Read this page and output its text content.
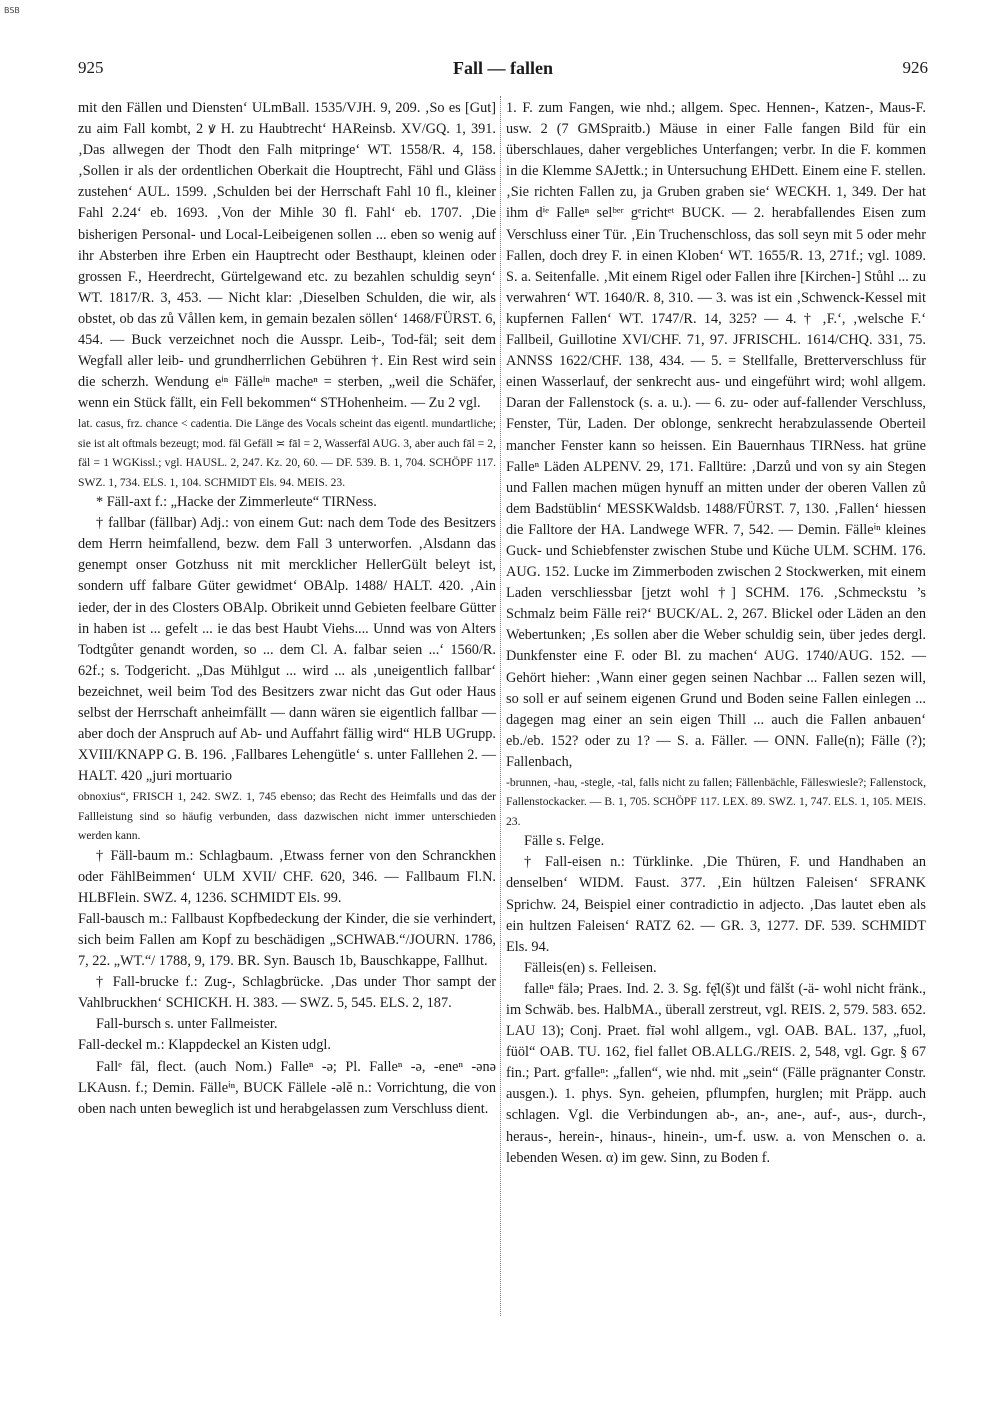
BSB
925	Fall — fallen	926

mit den Fällen und Diensten‘ ULmBall. 1535/VJH. 9, 209. ‚So es [Gut] zu aim Fall kombt, 2 ꝟ H. zu Haubtrecht‘ HAReinsb. XV/GQ. 1, 391. ‚Das allwegen der Thodt den Falh mitpringe‘ WT. 1558/R. 4, 158. ‚Sollen ir als der ordentlichen Oberkait die Houptrecht, Fähl und Gläss zustehen‘ AUL. 1599. ‚Schulden bei der Herrschaft Fahl 10 fl., kleiner Fahl 2.24‘ eb. 1693. ‚Von der Mihle 30 fl. Fahl‘ eb. 1707. ‚Die bisherigen Personal- und Local-Leibeigenen sollen ... eben so wenig auf ihr Absterben ihre Erben ein Hauptrecht oder Besthaupt, kleinen oder grossen F., Heerdrecht, Gürtelgewand etc. zu bezahlen schuldig seyn‘ WT. 1817/R. 3, 453. — Nicht klar: ‚Dieselben Schulden, die wir, als obstet, ob das zů Vållen kem, in gemain bezalen söllen‘ 1468/FÜRST. 6, 454. — Buck verzeichnet noch die Ausspr. Leib-, Tod-fäl; seit dem Wegfall aller leib- und grundherrlichen Gebühren †. Ein Rest wird sein die scherzh. Wendung eⁱⁿ Fälleⁱⁿ macheⁿ = sterben, „weil die Schäfer, wenn ein Stück fällt, ein Fell bekommen“ STHohenheim. — Zu 2 vgl.

lat. casus, frz. chance < cadentia. Die Länge des Vocals scheint das eigentl. mundartliche; sie ist alt oftmals bezeugt; mod. fäl Gefäll ≍ fāl = 2, Wasserfāl AUG. 3, aber auch fāl = 2, fäl = 1 WGKissl.; vgl. HAUSL. 2, 247. Kz. 20, 60. — DF. 539. B. 1, 704. SCHÖPF 117. SWZ. 1, 734. ELS. 1, 104. SCHMIDT Els. 94. MEIS. 23.

* Fäll-axt f.: „Hacke der Zimmerleute“ TIRNess.

† fallbar (fällbar) Adj.: von einem Gut: nach dem Tode des Besitzers dem Herrn heimfallend, bezw. dem Fall 3 unterworfen. ‚Alsdann das genempt onser Gotzhuss nit mit mercklicher HellerGült beleyt ist, sondern uff falbare Güter gewidmet‘ OBAlp. 1488/ HALT. 420. ‚Ain ieder, der in des Closters OBAlp. Obrikeit unnd Gebieten feelbare Gütter in haben ist ... gefelt ... ie das best Haubt Viehs.... Unnd was von Alters Todtgůter genandt worden, so ... dem Cl. A. falbar seien ...‘ 1560/R. 62f.; s. Todgericht. „Das Mühlgut ... wird ... als ‚uneigentlich fallbar‘ bezeichnet, weil beim Tod des Besitzers zwar nicht das Gut oder Haus selbst der Herrschaft anheimfällt — dann wären sie eigentlich fallbar — aber doch der Anspruch auf Ab- und Auffahrt fällig wird“ HLB UGrupp. XVIII/KNAPP G. B. 196. ‚Fallbares Lehengütle‘ s. unter Falllehen 2. — HALT. 420 „juri mortuario

obnoxius“, FRISCH 1, 242. SWZ. 1, 745 ebenso; das Recht des Heimfalls und das der Fallleistung sind so häufig verbunden, dass dazwischen nicht immer unterschieden werden kann.

† Fäll-baum m.: Schlagbaum. ‚Etwass ferner von den Schranckhen oder FählBeimmen‘ ULM XVII/ CHF. 620, 346. — Fallbaum Fl.N. HLBFlein. SWZ. 4, 1236. SCHMIDT Els. 99.

Fall-bausch m.: Fallbaust Kopfbedeckung der Kinder, die sie verhindert, sich beim Fallen am Kopf zu beschädigen „SCHWAB.“/JOURN. 1786, 7, 22. „WT.“/ 1788, 9, 179. BR. Syn. Bausch 1b, Bauschkappe, Fallhut.

† Fall-brucke f.: Zug-, Schlagbrücke. ‚Das under Thor sampt der Vahlbruckhen‘ SCHICKH. H. 383. — SWZ. 5, 545. ELS. 2, 187.

Fall-bursch s. unter Fallmeister.

Fall-deckel m.: Klappdeckel an Kisten udgl.

Fallᵉ fāl, flect. (auch Nom.) Falleⁿ -ə; Pl. Falleⁿ -ə, -eneⁿ -ənə LKAusn. f.; Demin. Fälleⁱⁿ, BUCK Fällele -əlĕ n.: Vorrichtung, die von oben nach unten beweglich ist und herabgelassen zum Verschluss dient.

1. F. zum Fangen, wie nhd.; allgem. Spec. Hennen-, Katzen-, Maus-F. usw. 2 (7 GMSpraitb.) Mäuse in einer Falle fangen Bild für ein überschlaues, daher vergebliches Unterfangen; verbr. In die F. kommen in die Klemme SAJettk.; in Untersuchung EHDett. Einem eine F. stellen. ‚Sie richten Fallen zu, ja Gruben graben sie‘ WECKH. 1, 349. Der hat ihm dⁱᵉ Falleⁿ selᵇᵉʳ gᵉrichtᵉᵗ BUCK. — 2. herabfallendes Eisen zum Verschluss einer Tür. ‚Ein Truchenschloss, das soll seyn mit 5 oder mehr Fallen, doch drey F. in einen Kloben‘ WT. 1655/R. 13, 271f.; vgl. 1089. S. a. Seitenfalle. ‚Mit einem Rigel oder Fallen ihre [Kirchen-] Stůhl ... zu verwahren‘ WT. 1640/R. 8, 310. — 3. was ist ein ‚Schwenck-Kessel mit kupfernen Fallen‘ WT. 1747/R. 14, 325? — 4. † ‚F.‘, ‚welsche F.‘ Fallbeil, Guillotine XVI/CHF. 71, 97. JFRISCHL. 1614/CHQ. 331, 75. ANNSS 1622/CHF. 138, 434. — 5. = Stellfalle, Bretterverschluss für einen Wasserlauf, der senkrecht aus- und eingeführt wird; wohl allgem. Daran der Fallenstock (s. a. u.). — 6. zu- oder auf-fallender Verschluss, Fenster, Tür, Laden. Der oblonge, senkrecht herabzulassende Oberteil mancher Fenster kann so heissen. Ein Bauernhaus TIRNess. hat grüne Falleⁿ Läden ALPENV. 29, 171. Falltüre: ‚Darzů und von sy ain Stegen und Fallen machen mügen hynuff an mitten under der oberen Vallen zů dem Badstüblin‘ MESSKWaldsb. 1488/FÜRST. 7, 130. ‚Fallen‘ hiessen die Falltore der HA. Landwege WFR. 7, 542. — Demin. Fälleⁱⁿ kleines Guck- und Schiebfenster zwischen Stube und Küche ULM. SCHM. 176. AUG. 152. Lucke im Zimmerboden zwischen 2 Stockwerken, mit einem Laden verschliessbar [jetzt wohl †] SCHM. 176. ‚Schmeckstu ’s Schmalz beim Fälle rei?‘ BUCK/AL. 2, 267. Blickel oder Läden an den Webertunken; ‚Es sollen aber die Weber schuldig sein, über jedes dergl. Dunkfenster eine F. oder Bl. zu machen‘ AUG. 1740/AUG. 152. — Gehört hieher: ‚Wann einer gegen seinen Nachbar ... Fallen sezen will, so soll er auf seinem eigenen Grund und Boden seine Fallen einlegen ... dagegen mag einer an sein eigen Thill ... auch die Fallen anbauen‘ eb./eb. 152? oder zu 1? — S. a. Fäller. — ONN. Falle(n); Fälle (?); Fallenbach,

-brunnen, -hau, -stegle, -tal, falls nicht zu fallen; Fällenbächle, Fälleswiesle?; Fallenstock, Fallenstockacker. — B. 1, 705. SCHÖPF 117. LEX. 89. SWZ. 1, 747. ELS. 1, 105. MEIS. 23.

Fälle s. Felge.

† Fall-eisen n.: Türklinke. ‚Die Thüren, F. und Handhaben an denselben‘ WIDM. Faust. 377. ‚Ein hültzen Faleisen‘ SFRANK Sprichw. 24, Beispiel einer contradictio in adjecto. ‚Das lautet eben als ein hultzen Faleisen‘ RATZ 62. — GR. 3, 1277. DF. 539. SCHMIDT Els. 94.

Fälleis(en) s. Felleisen.

falleⁿ fälə; Praes. Ind. 2. 3. Sg. fę̄l(š)t und fälšt (-ä- wohl nicht fränk., im Schwäb. bes. HalbMA., überall zerstreut, vgl. REIS. 2, 579. 583. 652. LAU 13); Conj. Praet. fīəl wohl allgem., vgl. OAB. BAL. 137, „fuol, füöl“ OAB. TU. 162, fiel fallet OB.ALLG./REIS. 2, 548, vgl. Ggr. § 67 fin.; Part. gᵉfalleⁿ: „fallen“, wie nhd. mit „sein“ (Fälle prägnanter Constr. ausgen.). 1. phys. Syn. geheien, pflumpfen, hurglen; mit Präpp. auch schlagen. Vgl. die Verbindungen ab-, an-, ane-, auf-, aus-, durch-, heraus-, herein-, hinaus-, hinein-, um-f. usw. a. von Menschen o. a. lebenden Wesen. α) im gew. Sinn, zu Boden f.
